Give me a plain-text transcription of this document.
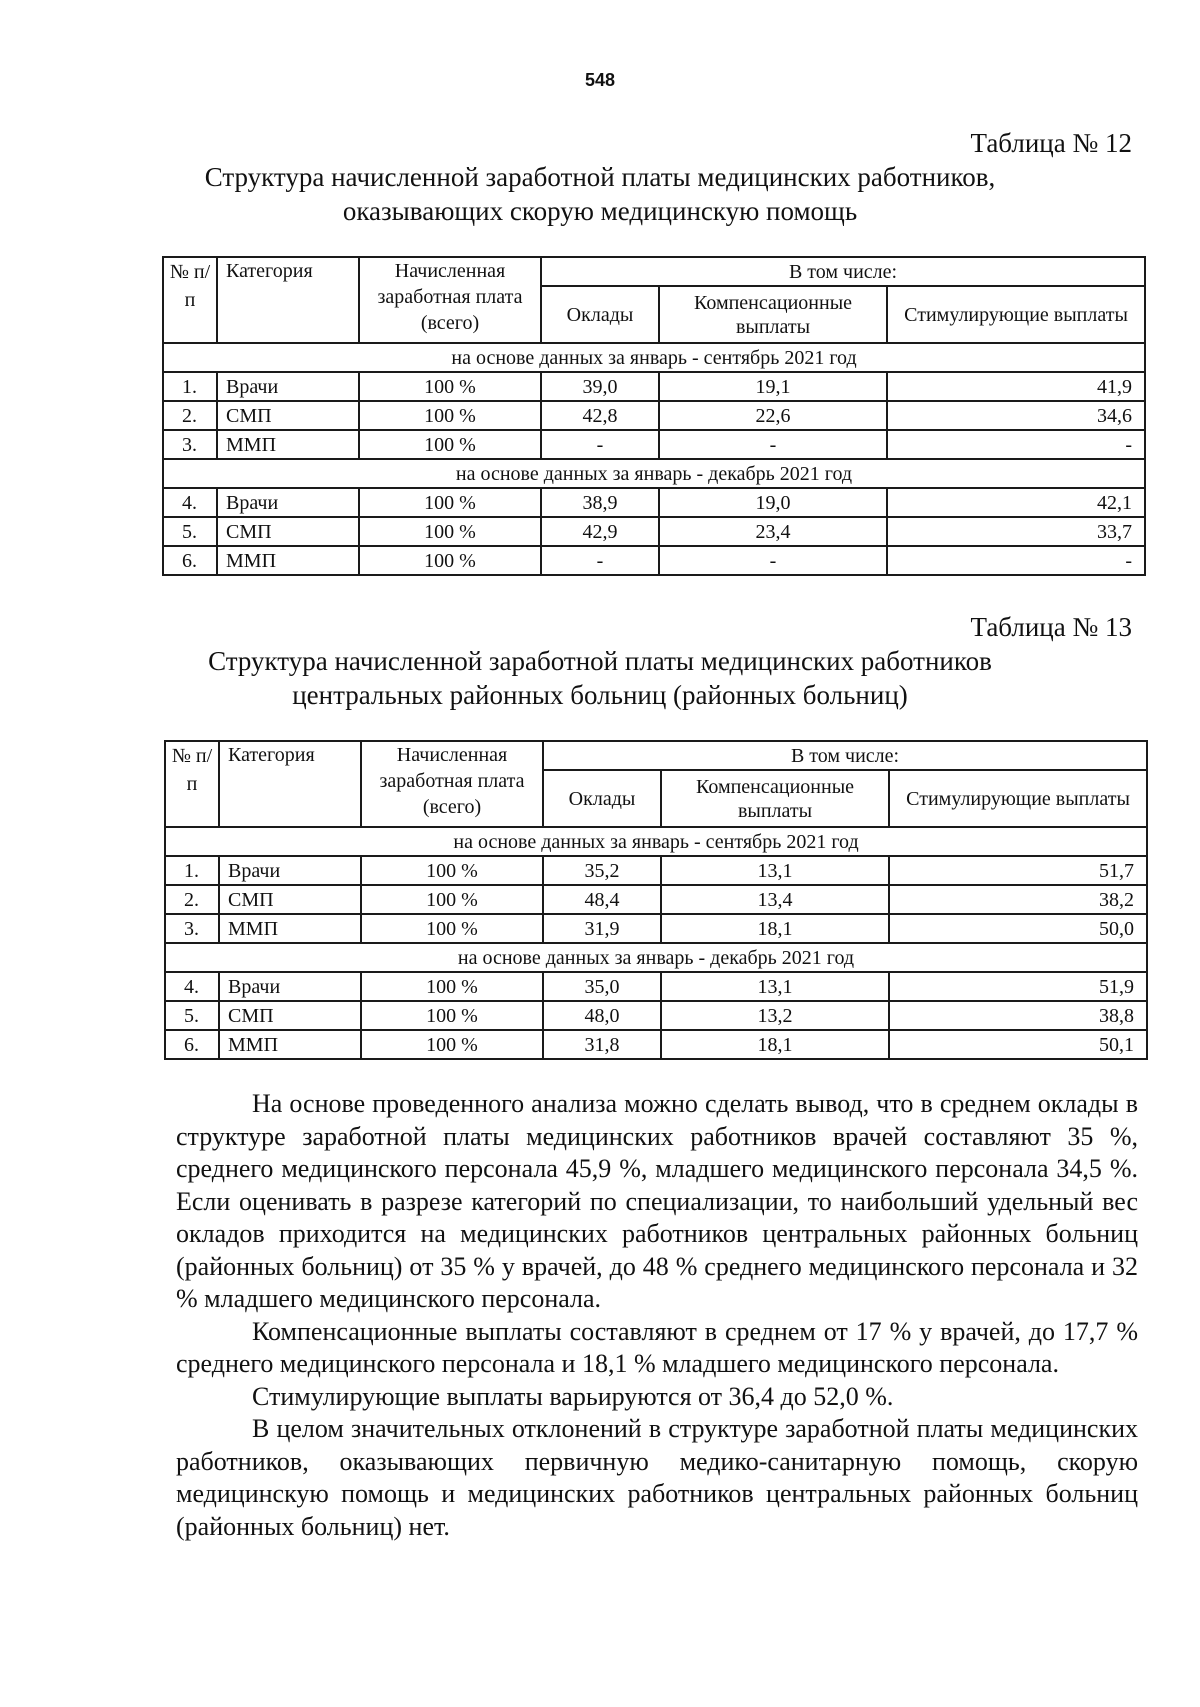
548
Таблица № 12
Структура начисленной заработной платы медицинских работников,
оказывающих скорую медицинскую помощь
№ п/п	Категория	Начисленная заработная плата (всего)	В том числе:		
			Оклады	Компенсационные выплаты	Стимулирующие выплаты
на основе данных за январь - сентябрь 2021 год					
1.	Врачи	100 %	39,0	19,1	41,9
2.	СМП	100 %	42,8	22,6	34,6
3.	ММП	100 %	-	-	-
на основе данных за январь - декабрь 2021 год					
4.	Врачи	100 %	38,9	19,0	42,1
5.	СМП	100 %	42,9	23,4	33,7
6.	ММП	100 %	-	-	-
Таблица № 13
Структура начисленной заработной платы медицинских работников
центральных районных больниц (районных больниц)
№ п/п	Категория	Начисленная заработная плата (всего)	В том числе:		
			Оклады	Компенсационные выплаты	Стимулирующие выплаты
на основе данных за январь - сентябрь 2021 год					
1.	Врачи	100 %	35,2	13,1	51,7
2.	СМП	100 %	48,4	13,4	38,2
3.	ММП	100 %	31,9	18,1	50,0
на основе данных за январь - декабрь 2021 год					
4.	Врачи	100 %	35,0	13,1	51,9
5.	СМП	100 %	48,0	13,2	38,8
6.	ММП	100 %	31,8	18,1	50,1

На основе проведенного анализа можно сделать вывод, что в среднем оклады в структуре заработной платы медицинских работников врачей составляют 35 %, среднего медицинского персонала 45,9 %, младшего медицинского персонала 34,5 %. Если оценивать в разрезе категорий по специализации, то наибольший удельный вес окладов приходится на медицинских работников центральных районных больниц (районных больниц) от 35 % у врачей, до 48 % среднего медицинского персонала и 32 % младшего медицинского персонала.

Компенсационные выплаты составляют в среднем от 17 % у врачей, до 17,7 % среднего медицинского персонала и 18,1 % младшего медицинского персонала.

Стимулирующие выплаты варьируются от 36,4 до 52,0 %.

В целом значительных отклонений в структуре заработной платы медицинских работников, оказывающих первичную медико-санитарную помощь, скорую медицинскую помощь и медицинских работников центральных районных больниц (районных больниц) нет.
